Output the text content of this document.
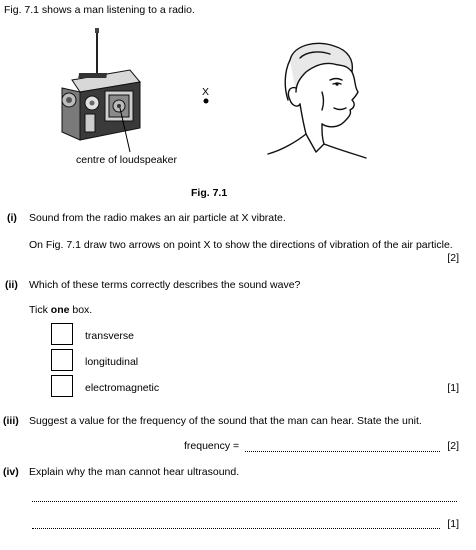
Fig. 7.1 shows a man listening to a radio.
X
centre of loudspeaker
Fig. 7.1
(i) Sound from the radio makes an air particle at X vibrate.
On Fig. 7.1 draw two arrows on point X to show the directions of vibration of the air particle.
[2]
(ii) Which of these terms correctly describes the sound wave?
Tick one box.
transverse
longitudinal
electromagnetic	[1]
(iii) Suggest a value for the frequency of the sound that the man can hear. State the unit.
frequency =	[2]
(iv) Explain why the man cannot hear ultrasound.
[1]
